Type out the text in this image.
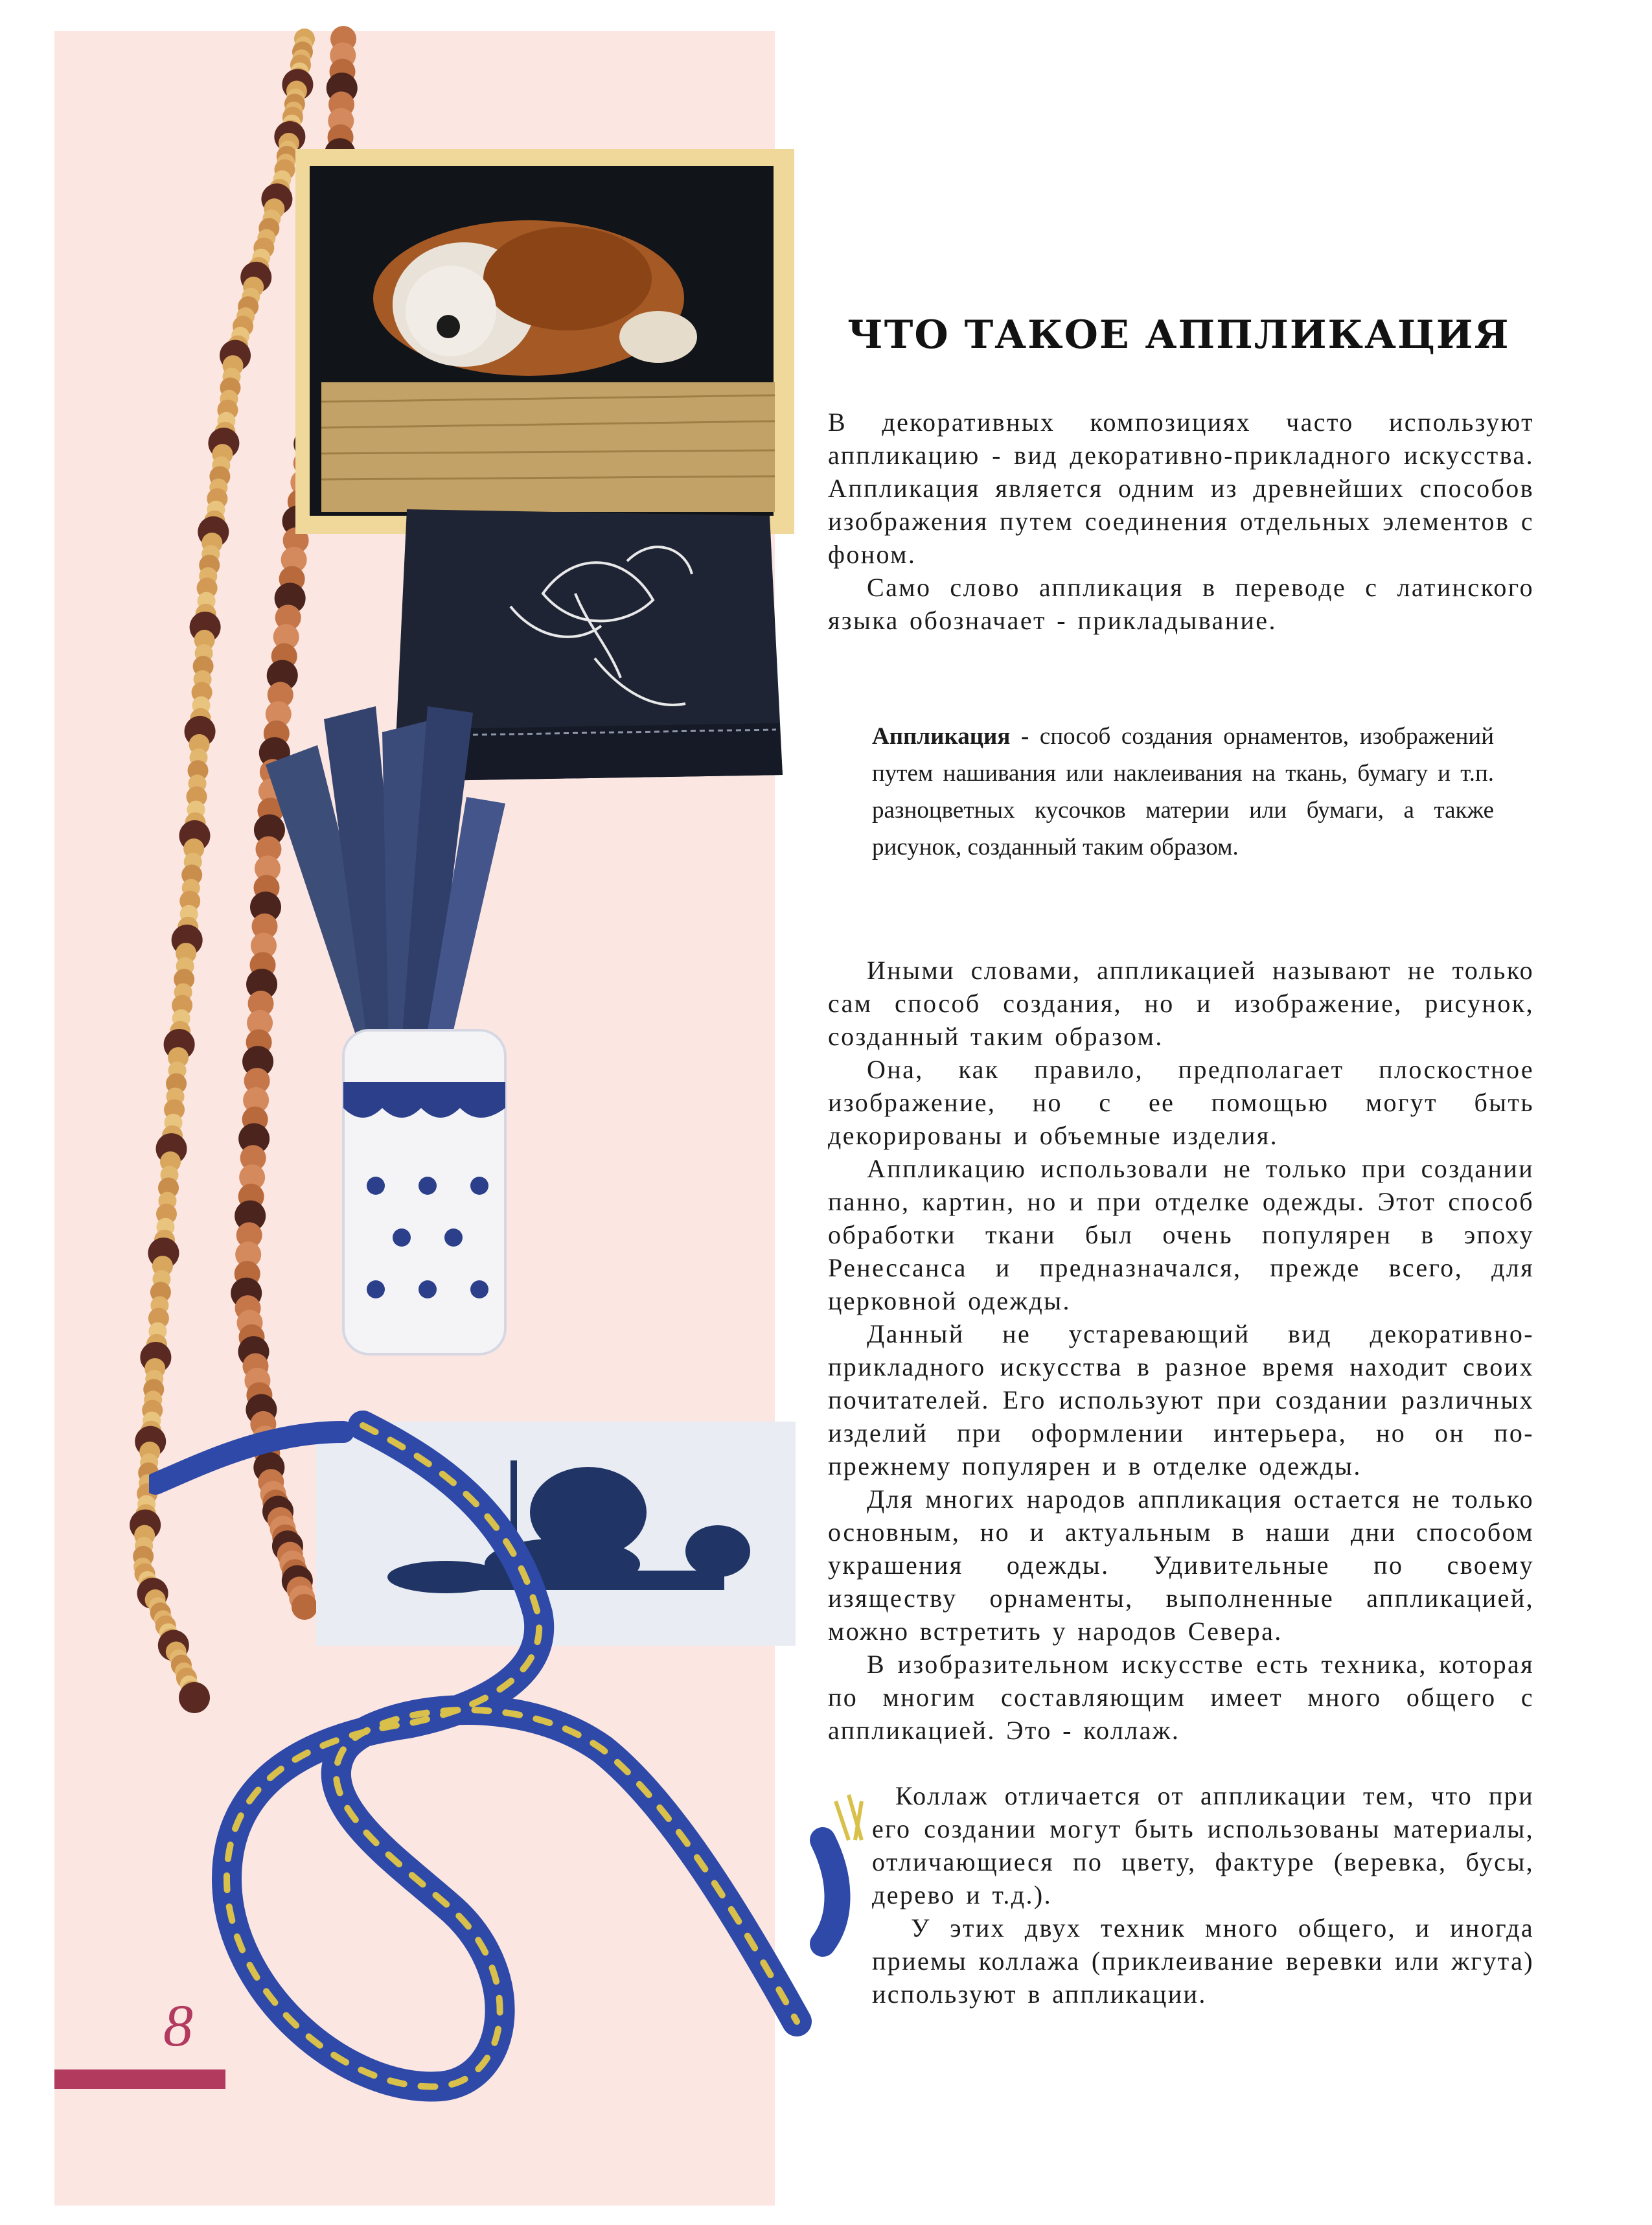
8
ЧТО ТАКОЕ АППЛИКАЦИЯ

В декоративных композициях часто используют аппликацию - вид декоративно-прикладного искусства. Аппликация является одним из древнейших способов изображения путем соединения отдельных элементов с фоном.

Само слово аппликация в переводе с латинского языка обозначает - прикладывание.

Аппликация - способ создания орнаментов, изображений путем нашивания или наклеивания на ткань, бумагу и т.п. разноцветных кусочков материи или бумаги, а также рисунок, созданный таким образом.

Иными словами, аппликацией называют не только сам способ создания, но и изображение, рисунок, созданный таким образом.

Она, как правило, предполагает плоскостное изображение, но с ее помощью могут быть декорированы и объемные изделия.

Аппликацию использовали не только при создании панно, картин, но и при отделке одежды. Этот способ обработки ткани был очень популярен в эпоху Ренессанса и предназначался, прежде всего, для церковной одежды.

Данный не устаревающий вид декоративно-прикладного искусства в разное время находит своих почитателей. Его используют при создании различных изделий при оформлении интерьера, но он по-прежнему популярен и в отделке одежды.

Для многих народов аппликация остается не только основным, но и актуальным в наши дни способом украшения одежды. Удивительные по своему изяществу орнаменты, выполненные аппликацией, можно встретить у народов Севера.

В изобразительном искусстве есть техника, которая по многим составляющим имеет много общего с аппликацией. Это - коллаж.

Коллаж отличается от аппликации тем, что при его создании могут быть использованы материалы, отличающиеся по цвету, фактуре (веревка, бусы, дерево и т.д.).

У этих двух техник много общего, и иногда приемы коллажа (приклеивание веревки или жгута) используют в аппликации.
